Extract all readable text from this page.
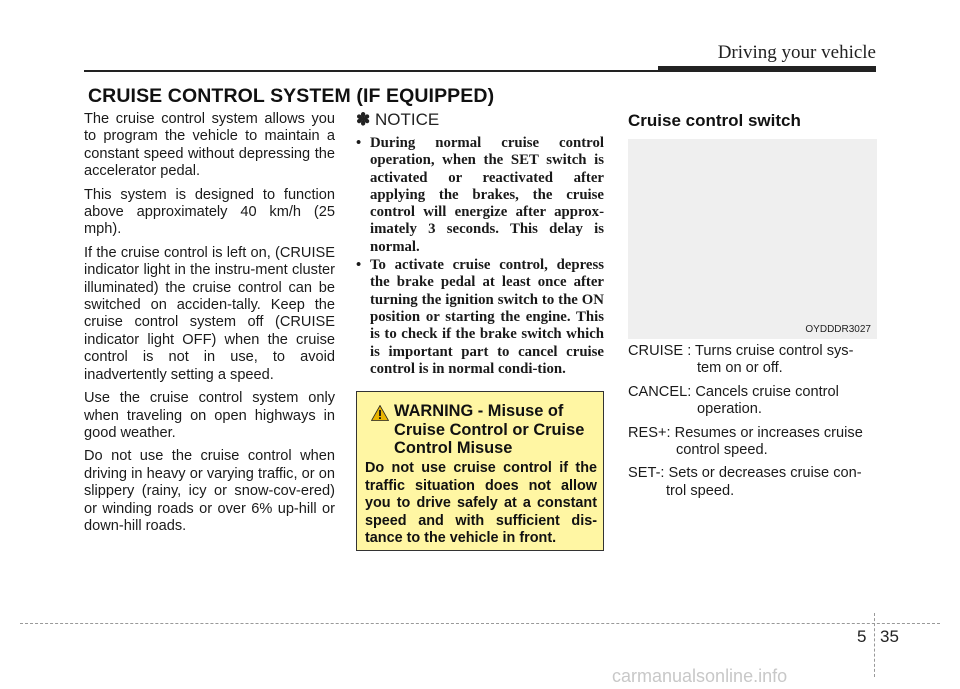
Driving your vehicle
CRUISE CONTROL SYSTEM (IF EQUIPPED)

The cruise control system allows you to program the vehicle to maintain a constant speed without depressing the accelerator pedal.

This system is designed to function above approximately 40 km/h (25 mph).

If the cruise control is left on, (CRUISE indicator light in the instru-ment cluster illuminated) the cruise control can be switched on acciden-tally. Keep the cruise control system off (CRUISE indicator light OFF) when the cruise control is not in use, to avoid inadvertently setting a speed.

Use the cruise control system only when traveling on open highways in good weather.

Do not use the cruise control when driving in heavy or varying traffic, or on slippery (rainy, icy or snow-cov-ered) or winding roads or over 6% up-hill or down-hill roads.

✽ NOTICE
• During normal cruise control operation, when the SET switch is activated or reactivated after applying the brakes, the cruise control will energize after approx-imately 3 seconds. This delay is normal.
• To activate cruise control, depress the brake pedal at least once after turning the ignition switch to the ON position or starting the engine. This is to check if the brake switch which is important part to cancel cruise control is in normal condi-tion.
WARNING - Misuse of Cruise Control or Cruise Control Misuse
Do not use cruise control if the traffic situation does not allow you to drive safely at a constant speed and with sufficient dis-tance to the vehicle in front.
Cruise control switch
OYDDDR3027
CRUISE : Turns cruise control sys-
tem on or off.
CANCEL: Cancels cruise control
operation.
RES+: Resumes or increases cruise
control speed.
SET-: Sets or decreases cruise con-
trol speed.
5 35
carmanualsonline.info
